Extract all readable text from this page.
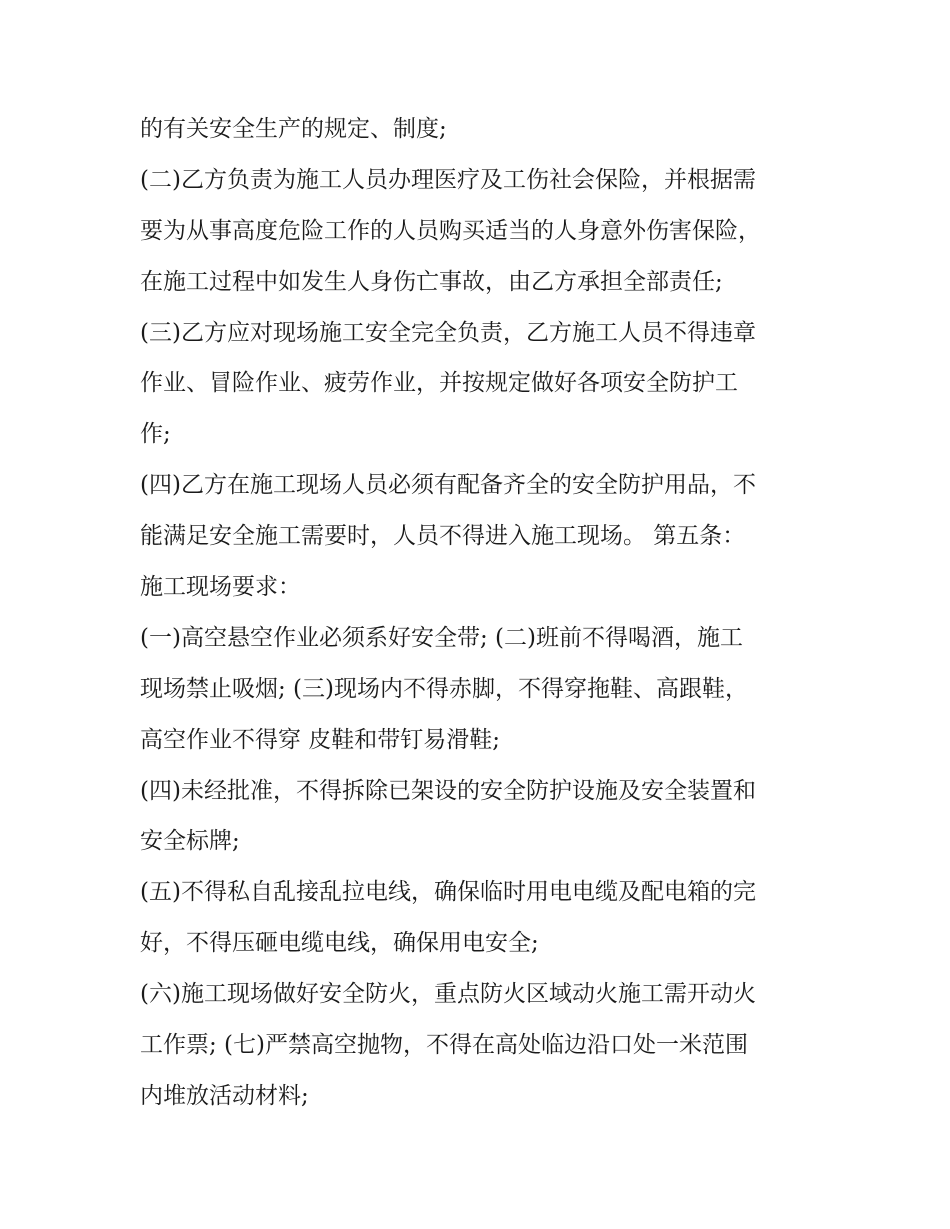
的有关安全生产的规定、制度;

(二)乙方负责为施工人员办理医疗及工伤社会保险，并根据需

要为从事高度危险工作的人员购买适当的人身意外伤害保险，

在施工过程中如发生人身伤亡事故，由乙方承担全部责任;

(三)乙方应对现场施工安全完全负责，乙方施工人员不得违章

作业、冒险作业、疲劳作业，并按规定做好各项安全防护工

作;

(四)乙方在施工现场人员必须有配备齐全的安全防护用品，不

能满足安全施工需要时，人员不得进入施工现场。 第五条：

施工现场要求：

(一)高空悬空作业必须系好安全带; (二)班前不得喝酒，施工

现场禁止吸烟; (三)现场内不得赤脚，不得穿拖鞋、高跟鞋，

高空作业不得穿 皮鞋和带钉易滑鞋;

(四)未经批准，不得拆除已架设的安全防护设施及安全装置和

安全标牌;

(五)不得私自乱接乱拉电线，确保临时用电电缆及配电箱的完

好，不得压砸电缆电线，确保用电安全;

(六)施工现场做好安全防火，重点防火区域动火施工需开动火

工作票; (七)严禁高空抛物，不得在高处临边沿口处一米范围

内堆放活动材料;
